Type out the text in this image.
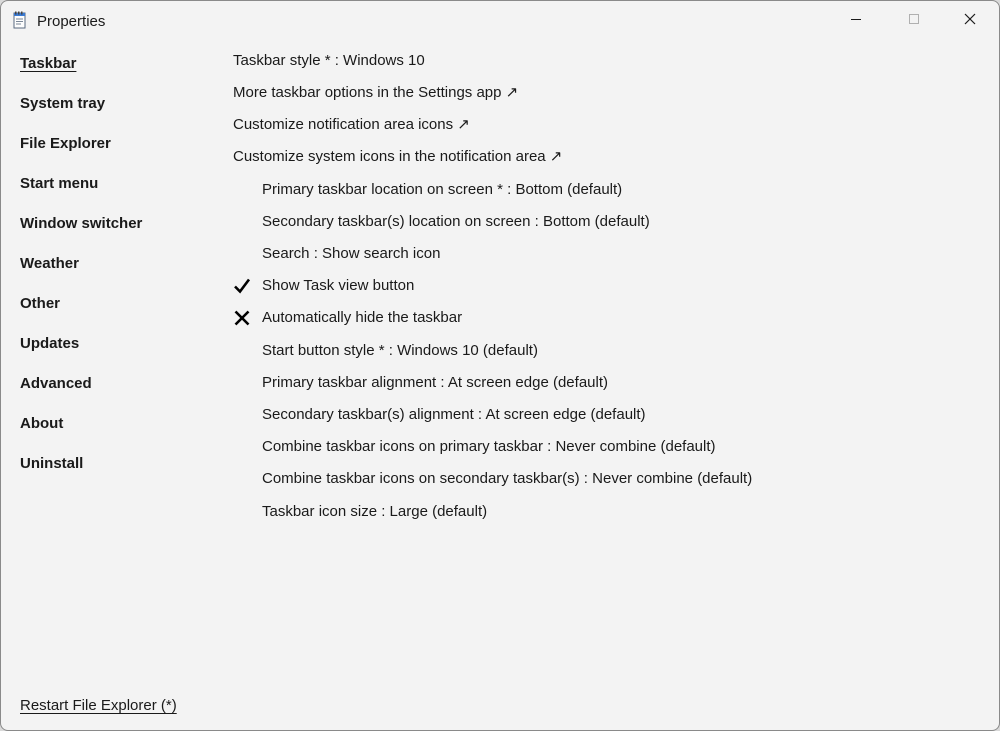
Properties
Taskbar
System tray
File Explorer
Start menu
Window switcher
Weather
Other
Updates
Advanced
About
Uninstall
Restart File Explorer (*)
Taskbar style * : Windows 10
More taskbar options in the Settings app ↗
Customize notification area icons ↗
Customize system icons in the notification area ↗
Primary taskbar location on screen * : Bottom (default)
Secondary taskbar(s) location on screen : Bottom (default)
Search : Show search icon
Show Task view button
Automatically hide the taskbar
Start button style * : Windows 10 (default)
Primary taskbar alignment : At screen edge (default)
Secondary taskbar(s) alignment : At screen edge (default)
Combine taskbar icons on primary taskbar : Never combine (default)
Combine taskbar icons on secondary taskbar(s) : Never combine (default)
Taskbar icon size : Large (default)
